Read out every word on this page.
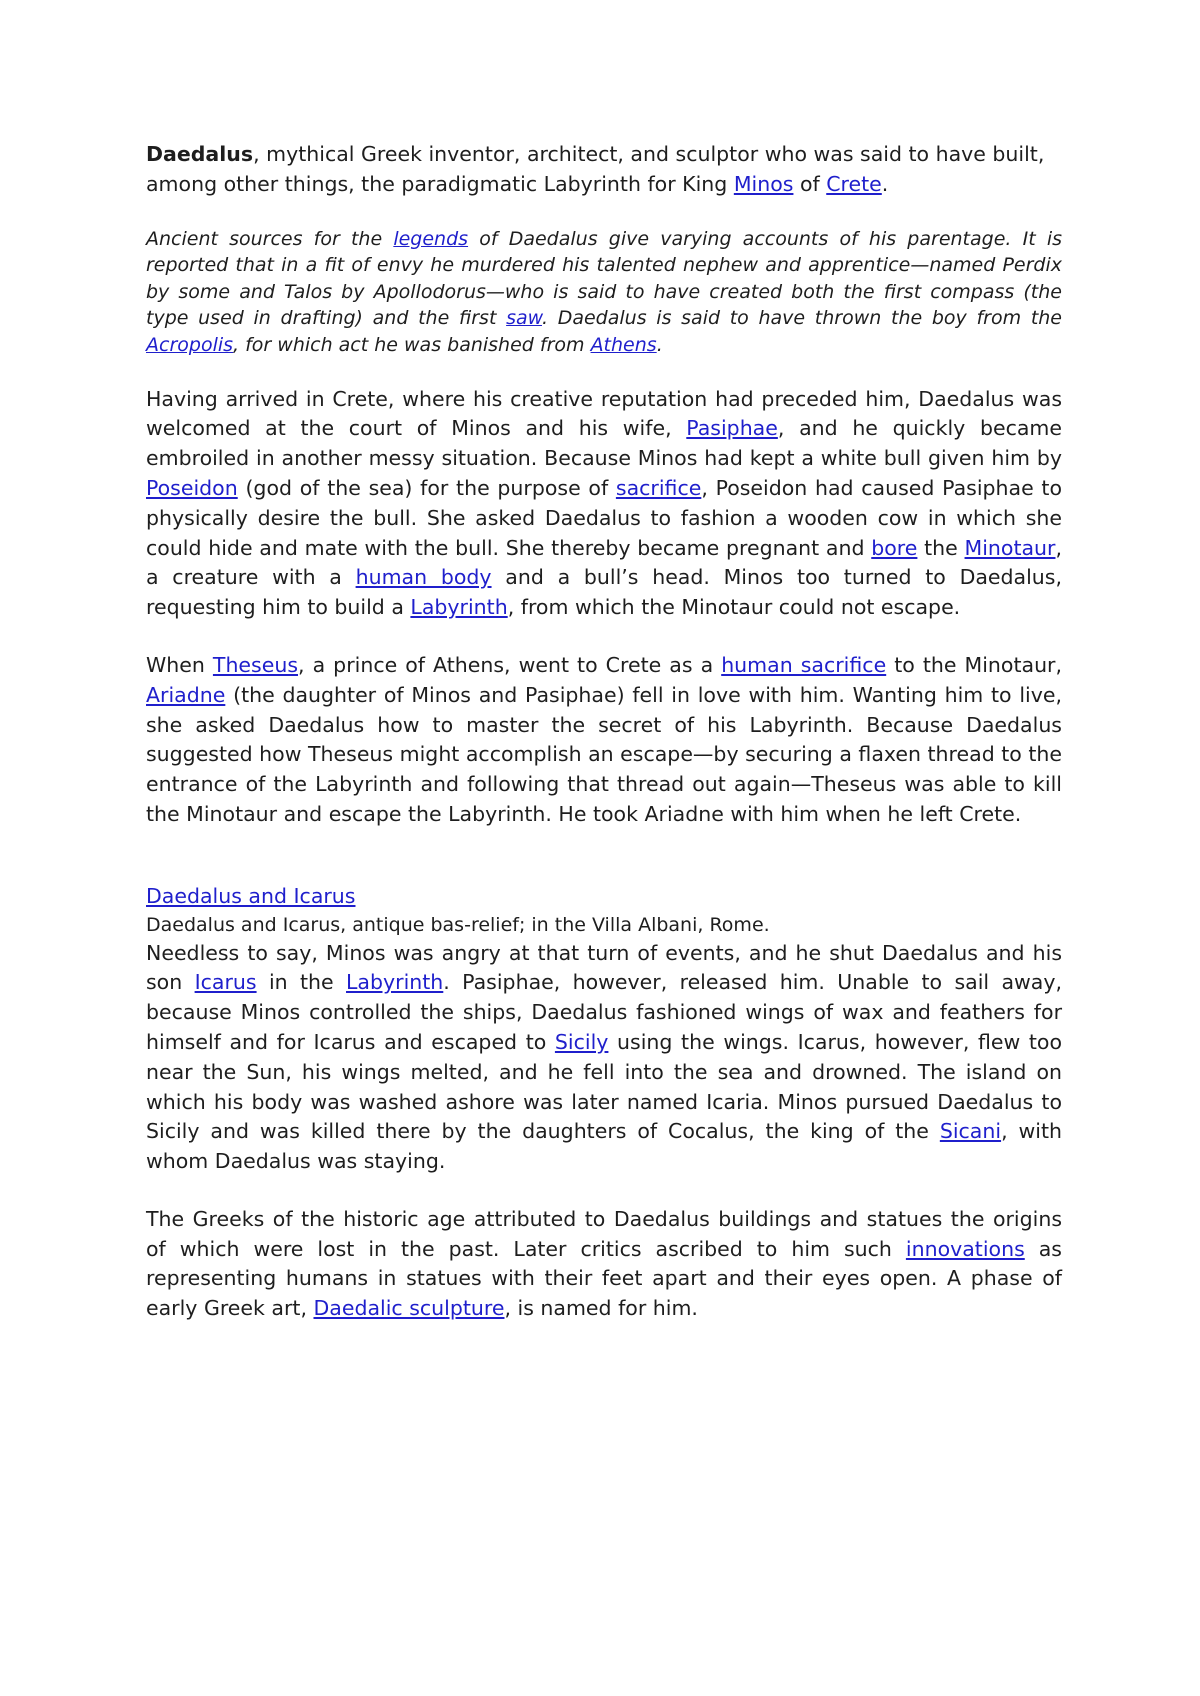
Daedalus, mythical Greek inventor, architect, and sculptor who was said to have built, among other things, the paradigmatic Labyrinth for King Minos of Crete.

Ancient sources for the legends of Daedalus give varying accounts of his parentage. It is reported that in a fit of envy he murdered his talented nephew and apprentice—named Perdix by some and Talos by Apollodorus—who is said to have created both the first compass (the type used in drafting) and the first saw. Daedalus is said to have thrown the boy from the Acropolis, for which act he was banished from Athens.

Having arrived in Crete, where his creative reputation had preceded him, Daedalus was welcomed at the court of Minos and his wife, Pasiphae, and he quickly became embroiled in another messy situation. Because Minos had kept a white bull given him by Poseidon (god of the sea) for the purpose of sacrifice, Poseidon had caused Pasiphae to physically desire the bull. She asked Daedalus to fashion a wooden cow in which she could hide and mate with the bull. She thereby became pregnant and bore the Minotaur, a creature with a human body and a bull’s head. Minos too turned to Daedalus, requesting him to build a Labyrinth, from which the Minotaur could not escape.

When Theseus, a prince of Athens, went to Crete as a human sacrifice to the Minotaur, Ariadne (the daughter of Minos and Pasiphae) fell in love with him. Wanting him to live, she asked Daedalus how to master the secret of his Labyrinth. Because Daedalus suggested how Theseus might accomplish an escape—by securing a flaxen thread to the entrance of the Labyrinth and following that thread out again—Theseus was able to kill the Minotaur and escape the Labyrinth. He took Ariadne with him when he left Crete.

Daedalus and Icarus
Daedalus and Icarus, antique bas-relief; in the Villa Albani, Rome.

Needless to say, Minos was angry at that turn of events, and he shut Daedalus and his son Icarus in the Labyrinth. Pasiphae, however, released him. Unable to sail away, because Minos controlled the ships, Daedalus fashioned wings of wax and feathers for himself and for Icarus and escaped to Sicily using the wings. Icarus, however, flew too near the Sun, his wings melted, and he fell into the sea and drowned. The island on which his body was washed ashore was later named Icaria. Minos pursued Daedalus to Sicily and was killed there by the daughters of Cocalus, the king of the Sicani, with whom Daedalus was staying.

The Greeks of the historic age attributed to Daedalus buildings and statues the origins of which were lost in the past. Later critics ascribed to him such innovations as representing humans in statues with their feet apart and their eyes open. A phase of early Greek art, Daedalic sculpture, is named for him.
